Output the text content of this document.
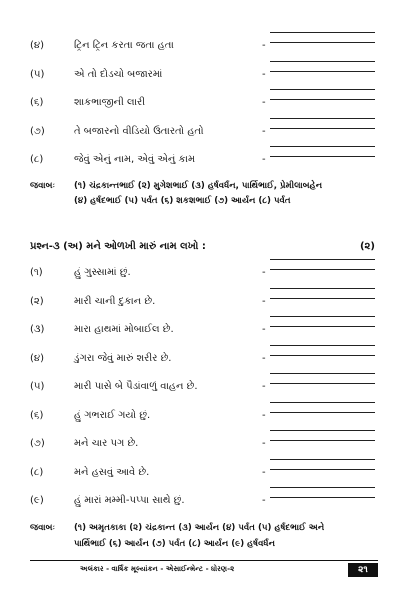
(૪)	ટ્રિન ટ્રિન કરતા જતા હતા	-
(૫)	એ તો દોડચો બજારમાં	-
(૬)	શાકભાજીની લારી	-
(૭)	તે બજારનો વીડિયો ઉતારતો હતો	-
(૮)	જેવું એનું નામ, એવું એનું કામ	-
જવાબઃ (૧) ચંદ્રકાન્તભાઈ (૨) મુગેશભાઈ (૩) હર્ષવર્ધન, પાર્થિભાઈ, પ્રેમીલાબહેન
(૪) હર્ષદભાઈ (૫) પર્વત (૬) શકશભાઈ (૭) આર્યન (૮) પર્વત
પ્રશ્ન-૩ (અ) મને ઓળખી મારું નામ લખો :	(૨)
(૧)	હું ગુસ્સામાં છું.	-
(૨)	મારી ચાની દુકાન છે.	-
(૩)	મારા હાથમાં મોબાઈલ છે.	-
(૪)	ડુંગરા જેવું મારું શરીર છે.	-
(૫)	મારી પાસે બે પૈડાંવાળું વાહન છે.	-
(૬)	હું ગભરાઈ ગયો છું.	-
(૭)	મને ચાર પગ છે.	-
(૮)	મને હસવું આવે છે.	-
(૯)	હું મારાં મમ્મી-પપ્પા સાથે છું.	-
જવાબઃ (૧) અમૃતકાકા (૨) ચંદ્રકાન્ત (૩) આર્યન (૪) પર્વત (૫) હર્ષદભાઈ અને
પાર્થિભાઈ (૬) આર્યન (૭) પર્વત (૮) આર્યન (૯) હર્ષવર્ધન
અલંકાર - વાર્ષિક મૂલ્યાંકન - એસાઈન્મેન્ટ - ધોરણ-૨	૨૧
